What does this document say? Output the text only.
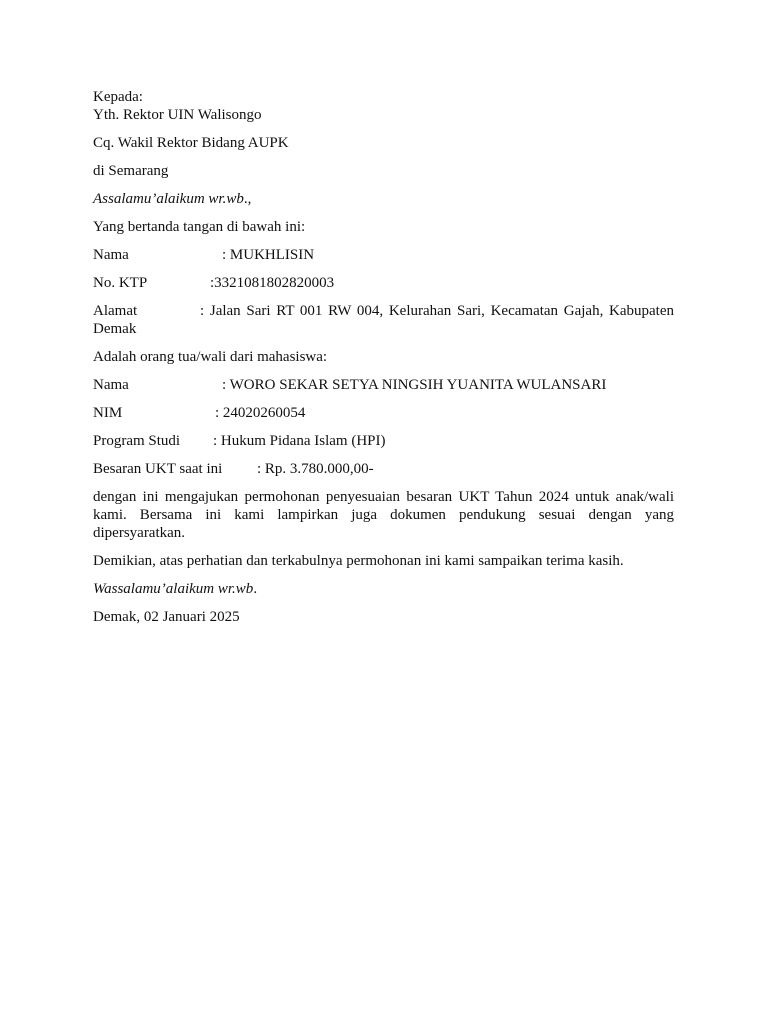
Kepada:
Yth. Rektor UIN Walisongo
Cq. Wakil Rektor Bidang AUPK
di Semarang
Assalamu’alaikum wr.wb.,
Yang bertanda tangan di bawah ini:
Nama	: MUKHLISIN
No. KTP	:3321081802820003
Alamat	: Jalan Sari RT 001 RW 004, Kelurahan Sari, Kecamatan Gajah, Kabupaten Demak
Adalah orang tua/wali dari mahasiswa:
Nama	: WORO SEKAR SETYA NINGSIH YUANITA WULANSARI
NIM	: 24020260054
Program Studi : Hukum Pidana Islam (HPI)
Besaran UKT saat ini : Rp. 3.780.000,00-
dengan ini mengajukan permohonan penyesuaian besaran UKT Tahun 2024 untuk anak/wali kami. Bersama ini kami lampirkan juga dokumen pendukung sesuai dengan yang dipersyaratkan.
Demikian, atas perhatian dan terkabulnya permohonan ini kami sampaikan terima kasih.
Wassalamu’alaikum wr.wb.
Demak, 02 Januari 2025
